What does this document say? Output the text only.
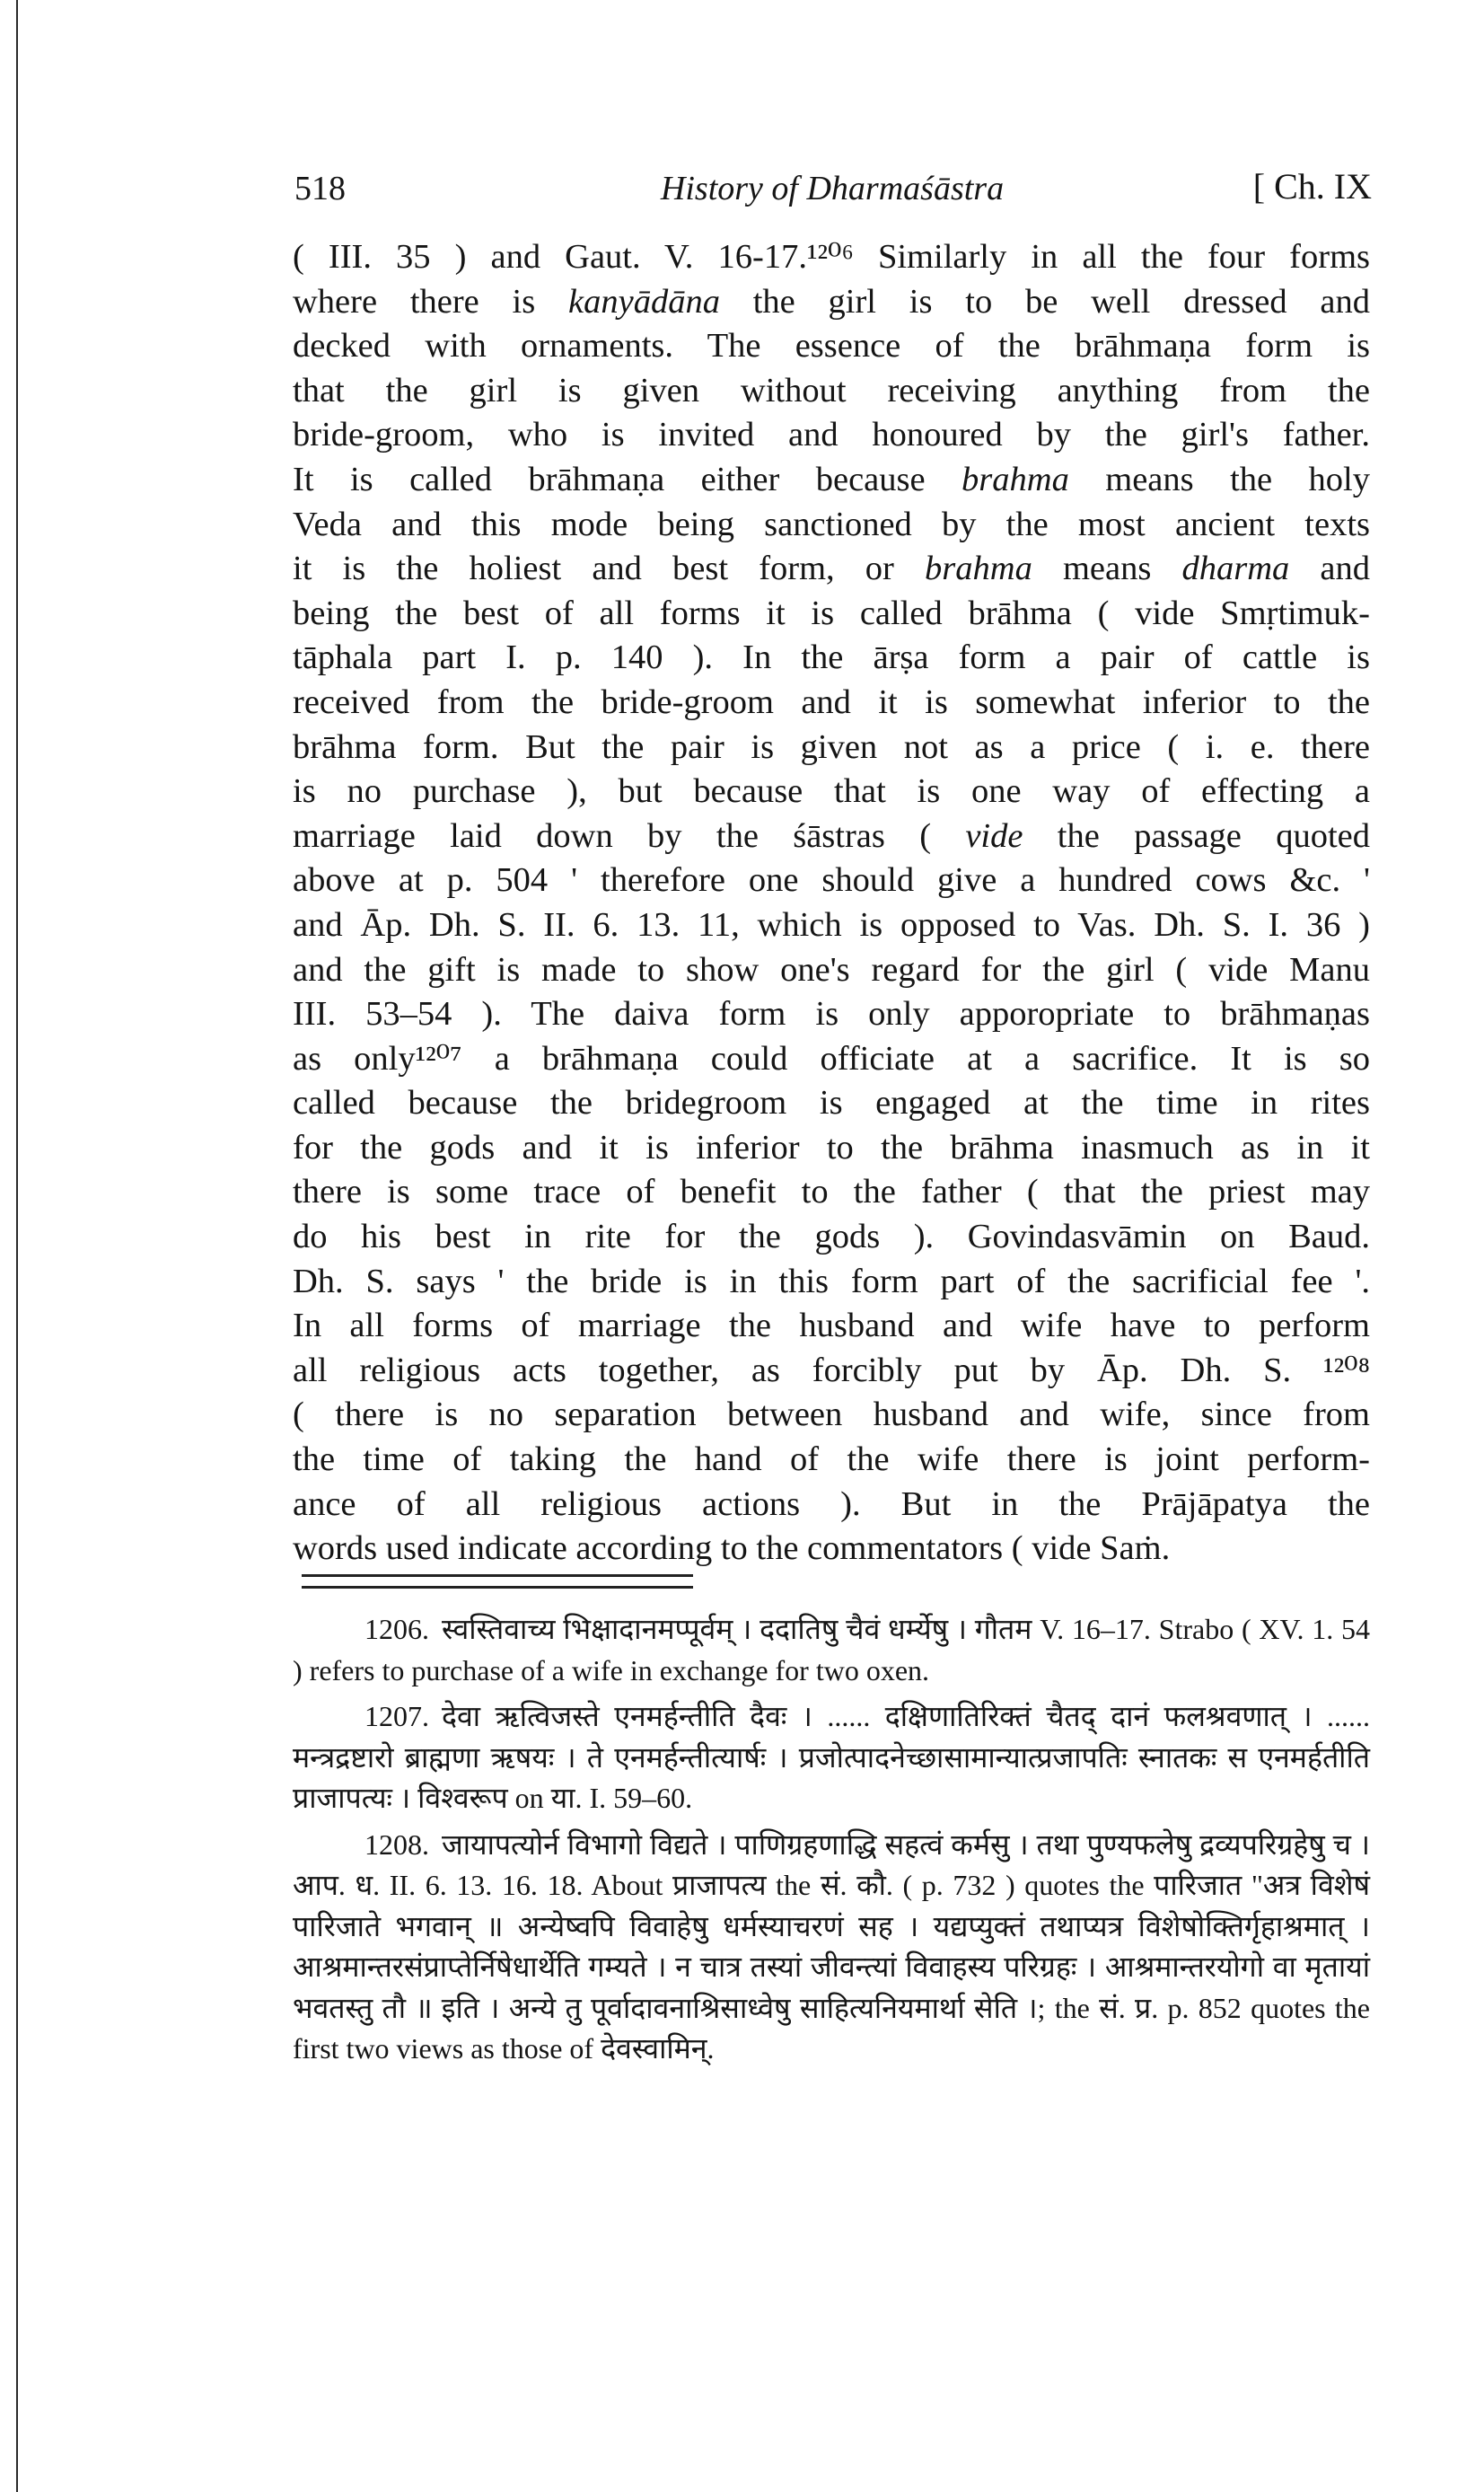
518	History of Dharmaśāstra	[ Ch. IX
( III. 35 ) and Gaut. V. 16-17.¹²⁰⁶ Similarly in all the four forms
where there is kanyādāna the girl is to be well dressed and
decked with ornaments. The essence of the brāhmaṇa form is
that the girl is given without receiving anything from the
bride-groom, who is invited and honoured by the girl's father.
It is called brāhmaṇa either because brahma means the holy
Veda and this mode being sanctioned by the most ancient texts
it is the holiest and best form, or brahma means dharma and
being the best of all forms it is called brāhma ( vide Smṛtimuk-
tāphala part I. p. 140 ). In the ārṣa form a pair of cattle is
received from the bride-groom and it is somewhat inferior to the
brāhma form. But the pair is given not as a price ( i. e. there
is no purchase ), but because that is one way of effecting a
marriage laid down by the śāstras ( vide the passage quoted
above at p. 504 ' therefore one should give a hundred cows &c. '
and Āp. Dh. S. II. 6. 13. 11, which is opposed to Vas. Dh. S. I. 36 )
and the gift is made to show one's regard for the girl ( vide Manu
III. 53–54 ). The daiva form is only apporopriate to brāhmaṇas
as only¹²⁰⁷ a brāhmaṇa could officiate at a sacrifice. It is so
called because the bridegroom is engaged at the time in rites
for the gods and it is inferior to the brāhma inasmuch as in it
there is some trace of benefit to the father ( that the priest may
do his best in rite for the gods ). Govindasvāmin on Baud.
Dh. S. says ' the bride is in this form part of the sacrificial fee '.
In all forms of marriage the husband and wife have to perform
all religious acts together, as forcibly put by Āp. Dh. S. ¹²⁰⁸
( there is no separation between husband and wife, since from
the time of taking the hand of the wife there is joint perform-
ance of all religious actions ). But in the Prājāpatya the
words used indicate according to the commentators ( vide Saṁ.
1206. स्वस्तिवाच्य भिक्षादानमप्पूर्वम् । ददातिषु चैवं धर्म्येषु । गौतम V. 16–17. Strabo ( XV. 1. 54 ) refers to purchase of a wife in exchange for two oxen.
1207. देवा ऋत्विजस्ते एनमर्हन्तीति दैवः । ...... दक्षिणातिरिक्तं चैतद् दानं फलश्रवणात् । ...... मन्त्रद्रष्टारो ब्राह्मणा ऋषयः । ते एनमर्हन्तीत्यार्षः । प्रजोत्पादनेच्छासामान्यात्प्रजापतिः स्नातकः स एनमर्हतीति प्राजापत्यः । विश्वरूप on या. I. 59–60.
1208. जायापत्योर्न विभागो विद्यते । पाणिग्रहणाद्धि सहत्वं कर्मसु । तथा पुण्यफलेषु द्रव्यपरिग्रहेषु च । आप. ध. II. 6. 13. 16. 18. About प्राजापत्य the सं. कौ. ( p. 732 ) quotes the पारिजात "अत्र विशेषं पारिजाते भगवान् ॥ अन्येष्वपि विवाहेषु धर्मस्याचरणं सह । यद्यप्युक्तं तथाप्यत्र विशेषोक्तिर्गृहाश्रमात् । आश्रमान्तरसंप्राप्तेर्निषेधार्थेति गम्यते । न चात्र तस्यां जीवन्त्यां विवाहस्य परिग्रहः । आश्रमान्तरयोगो वा मृतायां भवतस्तु तौ ॥ इति । अन्ये तु पूर्वादावनाश्रिसाध्वेषु साहित्यनियमार्था सेति ।; the सं. प्र. p. 852 quotes the first two views as those of देवस्वामिन्.
